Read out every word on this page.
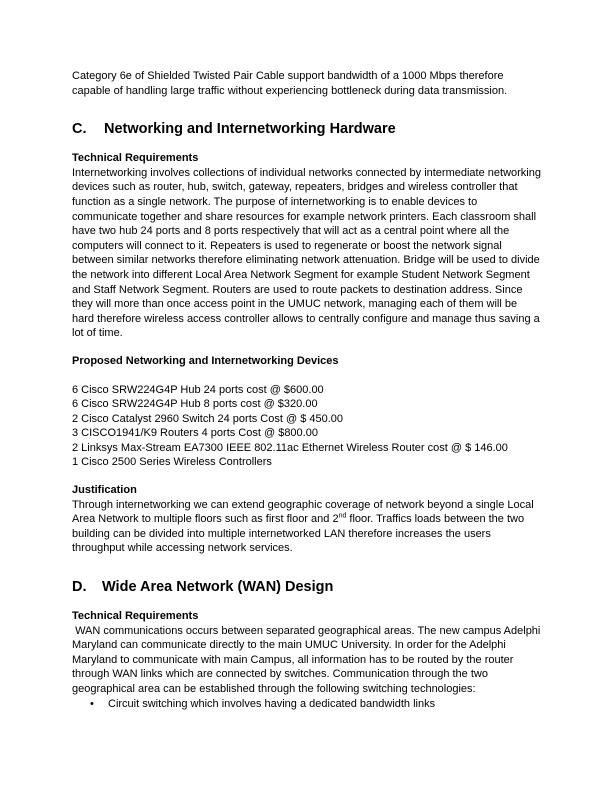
Category 6e of Shielded Twisted Pair Cable support bandwidth of a 1000 Mbps therefore capable of handling large traffic without experiencing bottleneck during data transmission.

C.	Networking and Internetworking Hardware

Technical Requirements

Internetworking involves collections of individual networks connected by intermediate networking devices such as router, hub, switch, gateway, repeaters, bridges and wireless controller that function as a single network. The purpose of internetworking is to enable devices to communicate together and share resources for example network printers. Each classroom shall have two hub 24 ports and 8 ports respectively that will act as a central point where all the computers will connect to it. Repeaters is used to regenerate or boost the network signal between similar networks therefore eliminating network attenuation. Bridge will be used to divide the network into different Local Area Network Segment for example Student Network Segment and Staff Network Segment. Routers are used to route packets to destination address. Since they will more than once access point in the UMUC network, managing each of them will be hard therefore wireless access controller allows to centrally configure and manage thus saving a lot of time.

Proposed Networking and Internetworking Devices

6 Cisco SRW224G4P Hub 24 ports cost @ $600.00

6 Cisco SRW224G4P Hub 8 ports cost @ $320.00

2 Cisco Catalyst 2960 Switch 24 ports Cost @ $ 450.00

3 CISCO1941/K9 Routers 4 ports Cost @ $800.00

2 Linksys Max-Stream EA7300 IEEE 802.11ac Ethernet Wireless Router cost @ $ 146.00

1 Cisco 2500 Series Wireless Controllers

Justification

Through internetworking we can extend geographic coverage of network beyond a single Local Area Network to multiple floors such as first floor and 2nd floor. Traffics loads between the two building can be divided into multiple internetworked LAN therefore increases the users throughput while accessing network services.

D.	Wide Area Network (WAN) Design

Technical Requirements

WAN communications occurs between separated geographical areas. The new campus Adelphi Maryland can communicate directly to the main UMUC University. In order for the Adelphi Maryland to communicate with main Campus, all information has to be routed by the router through WAN links which are connected by switches. Communication through the two geographical area can be established through the following switching technologies:

•	Circuit switching which involves having a dedicated bandwidth links
